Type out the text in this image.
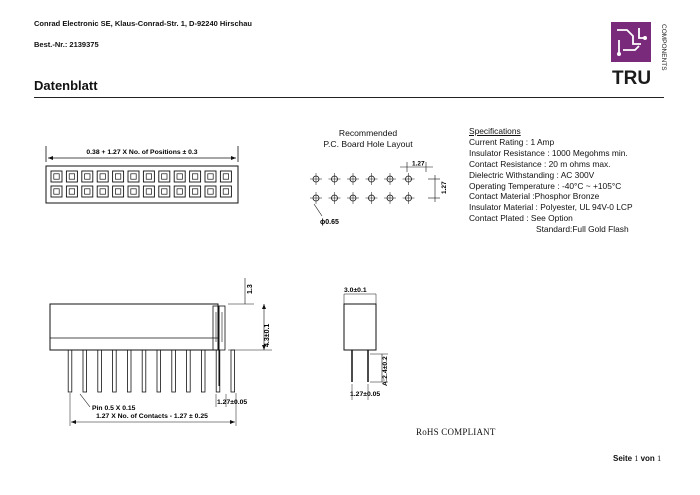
Conrad Electronic SE, Klaus-Conrad-Str. 1, D-92240 Hirschau
Best.-Nr.: 2139375
Datenblatt	TRU
COMPONENTS
0.38 + 1.27 X No. of Positions ± 0.3
Recommended
P.C. Board Hole Layout
1.27
1.27
ϕ0.65
Specifications
Current Rating : 1 Amp
Insulator Resistance : 1000 Megohms min.
Contact Resistance : 20 m ohms max.
Dielectric Withstanding : AC 300V
Operating Temperature : -40°C ~ +105°C
Contact Material :Phosphor Bronze
Insulator Material : Polyester, UL 94V-0 LCP
Contact Plated : See Option
Standard:Full Gold Flash
1.3
4.3±0.1
Pin 0.5 X 0.15
1.27±0.05
1.27 X No. of Contacts - 1.27 ± 0.25
3.0±0.1
A:2.4±0.2
1.27±0.05
RoHS COMPLIANT
Seite 1 von 1
